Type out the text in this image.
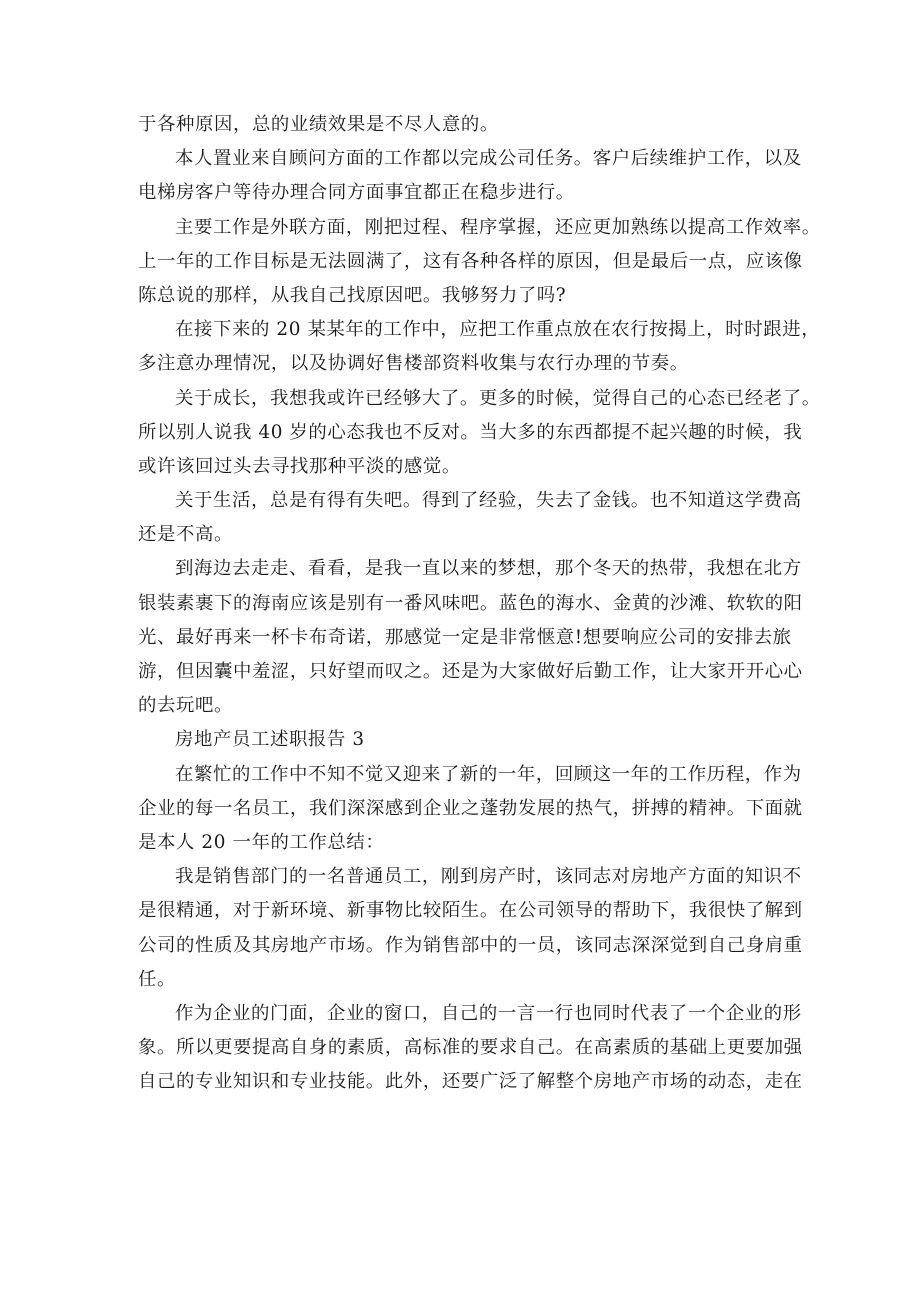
于各种原因，总的业绩效果是不尽人意的。
本人置业来自顾问方面的工作都以完成公司任务。客户后续维护工作，以及
电梯房客户等待办理合同方面事宜都正在稳步进行。
主要工作是外联方面，刚把过程、程序掌握，还应更加熟练以提高工作效率。
上一年的工作目标是无法圆满了，这有各种各样的原因，但是最后一点，应该像
陈总说的那样，从我自己找原因吧。我够努力了吗?
在接下来的 20 某某年的工作中，应把工作重点放在农行按揭上，时时跟进，
多注意办理情况，以及协调好售楼部资料收集与农行办理的节奏。
关于成长，我想我或许已经够大了。更多的时候，觉得自己的心态已经老了。
所以别人说我 40 岁的心态我也不反对。当大多的东西都提不起兴趣的时候，我
或许该回过头去寻找那种平淡的感觉。
关于生活，总是有得有失吧。得到了经验，失去了金钱。也不知道这学费高
还是不高。
到海边去走走、看看，是我一直以来的梦想，那个冬天的热带，我想在北方
银装素裹下的海南应该是别有一番风味吧。蓝色的海水、金黄的沙滩、软软的阳
光、最好再来一杯卡布奇诺，那感觉一定是非常惬意!想要响应公司的安排去旅
游，但因囊中羞涩，只好望而叹之。还是为大家做好后勤工作，让大家开开心心
的去玩吧。
房地产员工述职报告 3
在繁忙的工作中不知不觉又迎来了新的一年，回顾这一年的工作历程，作为
企业的每一名员工，我们深深感到企业之蓬勃发展的热气，拼搏的精神。下面就
是本人 20 一年的工作总结：
我是销售部门的一名普通员工，刚到房产时，该同志对房地产方面的知识不
是很精通，对于新环境、新事物比较陌生。在公司领导的帮助下，我很快了解到
公司的性质及其房地产市场。作为销售部中的一员，该同志深深觉到自己身肩重
任。
作为企业的门面，企业的窗口，自己的一言一行也同时代表了一个企业的形
象。所以更要提高自身的素质，高标准的要求自己。在高素质的基础上更要加强
自己的专业知识和专业技能。此外，还要广泛了解整个房地产市场的动态，走在
